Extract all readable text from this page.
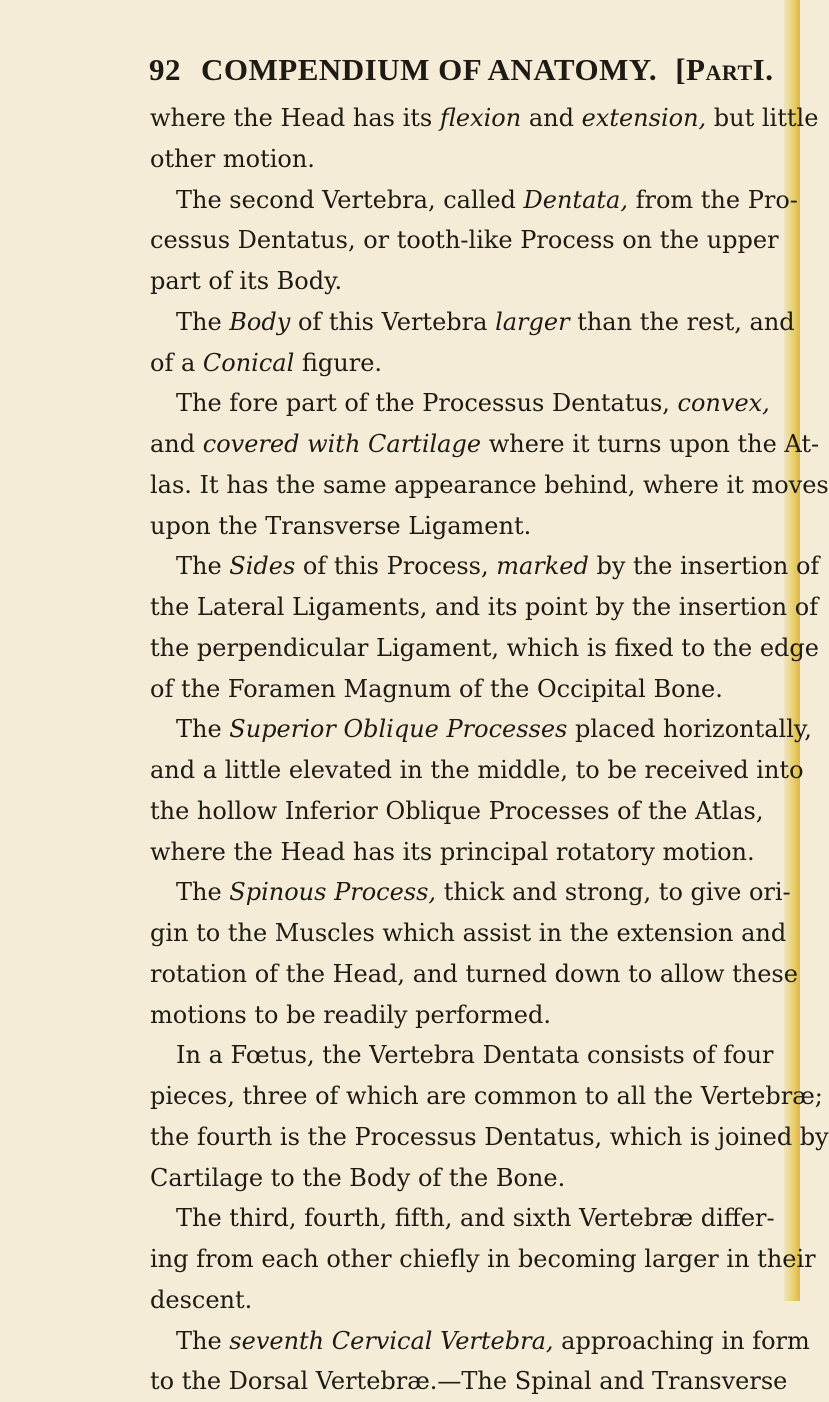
92 COMPENDIUM OF ANATOMY. [PARTI.
where the Head has its flexion and extension, but little
other motion.
The second Vertebra, called Dentata, from the Pro-
cessus Dentatus, or tooth-like Process on the upper
part of its Body.
The Body of this Vertebra larger than the rest, and
of a Conical figure.
The fore part of the Processus Dentatus, convex,
and covered with Cartilage where it turns upon the At-
las. It has the same appearance behind, where it moves
upon the Transverse Ligament.
The Sides of this Process, marked by the insertion of
the Lateral Ligaments, and its point by the insertion of
the perpendicular Ligament, which is fixed to the edge
of the Foramen Magnum of the Occipital Bone.
The Superior Oblique Processes placed horizontally,
and a little elevated in the middle, to be received into
the hollow Inferior Oblique Processes of the Atlas,
where the Head has its principal rotatory motion.
The Spinous Process, thick and strong, to give ori-
gin to the Muscles which assist in the extension and
rotation of the Head, and turned down to allow these
motions to be readily performed.
In a Fœtus, the Vertebra Dentata consists of four
pieces, three of which are common to all the Vertebræ;
the fourth is the Processus Dentatus, which is joined by
Cartilage to the Body of the Bone.
The third, fourth, fifth, and sixth Vertebræ differ-
ing from each other chiefly in becoming larger in their
descent.
The seventh Cervical Vertebra, approaching in form
to the Dorsal Vertebræ.—The Spinal and Transverse
